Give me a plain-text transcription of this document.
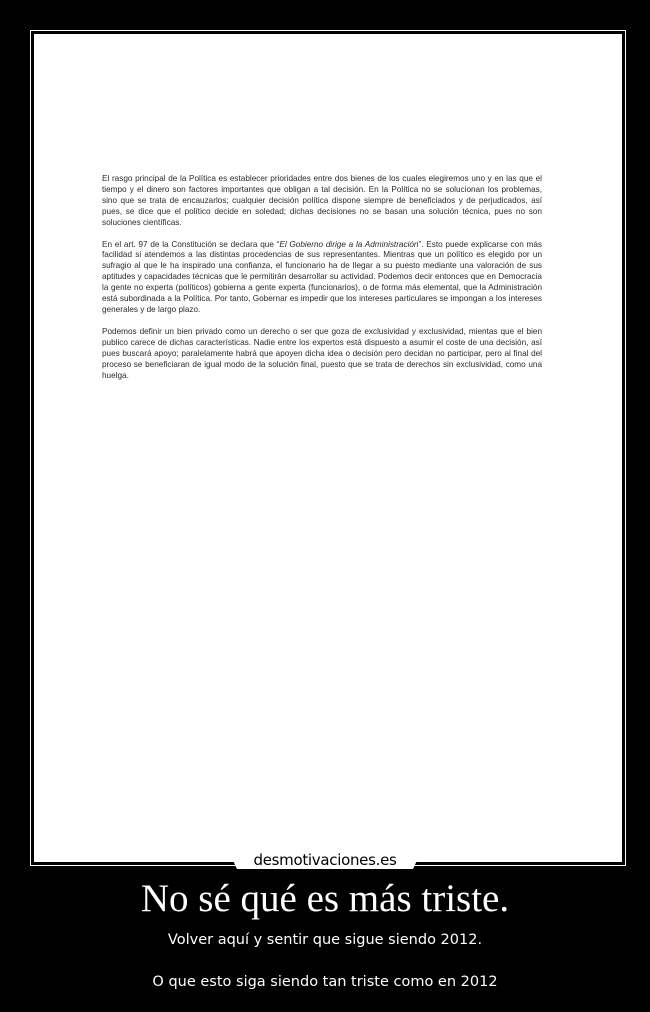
El rasgo principal de la Política es establecer prioridades entre dos bienes de los cuales elegiremos uno y en las que el tiempo y el dinero son factores importantes que obligan a tal decisión. En la Política no se solucionan los problemas, sino que se trata de encauzarlos; cualquier decisión política dispone siempre de beneficiados y de perjudicados, así pues, se dice que el político decide en soledad; dichas decisiones no se basan una solución técnica, pues no son soluciones científicas.

En el art. 97 de la Constitución se declara que “El Gobierno dirige a la Administración”. Esto puede explicarse con más facilidad si atendemos a las distintas procedencias de sus representantes. Mientras que un político es elegido por un sufragio al que le ha inspirado una confianza, el funcionario ha de llegar a su puesto mediante una valoración de sus aptitudes y capacidades técnicas que le permitirán desarrollar su actividad. Podemos decir entonces que en Democracia la gente no experta (políticos) gobierna a gente experta (funcionarios), o de forma más elemental, que la Administración está subordinada a la Política. Por tanto, Gobernar es impedir que los intereses particulares se impongan a los intereses generales y de largo plazo.

Podemos definir un bien privado como un derecho o ser que goza de exclusividad y exclusividad, mientas que el bien publico carece de dichas características. Nadie entre los expertos está dispuesto a asumir el coste de una decisión, así pues buscará apoyo; paralelamente habrá que apoyen dicha idea o decisión pero decidan no participar, pero al final del proceso se beneficiaran de igual modo de la solución final, puesto que se trata de derechos sin exclusividad, como una huelga.

desmotivaciones.es
No sé qué es más triste.
Volver aquí y sentir que sigue siendo 2012.
O que esto siga siendo tan triste como en 2012
